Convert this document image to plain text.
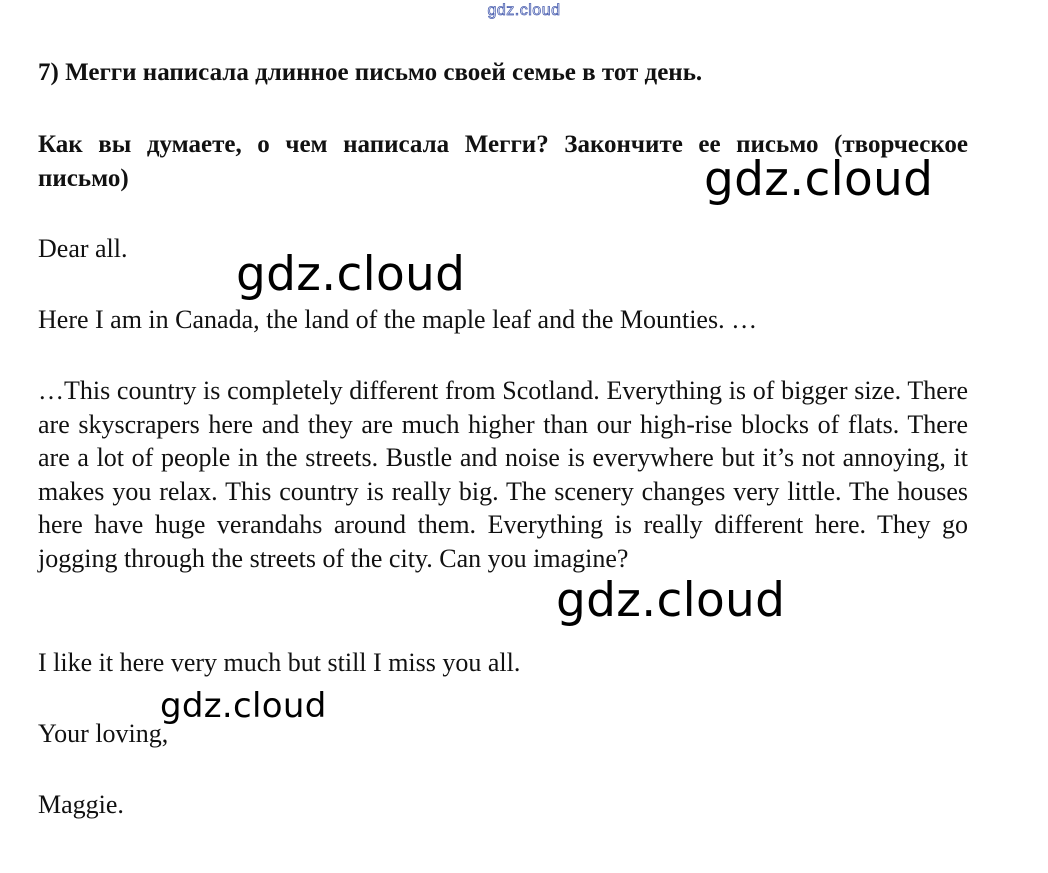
gdz.cloud

7) Мегги написала длинное письмо своей семье в тот день.

Как вы думаете, о чем написала Мегги? Закончите ее письмо (творческое письмо)

Dear all.

Here I am in Canada, the land of the maple leaf and the Mounties. …

…This country is completely different from Scotland. Everything is of bigger size. There are skyscrapers here and they are much higher than our high-rise blocks of flats. There are a lot of people in the streets. Bustle and noise is everywhere but it’s not annoying, it makes you relax. This country is really big. The scenery changes very little. The houses here have huge verandahs around them. Everything is really different here. They go jogging through the streets of the city. Can you imagine?

I like it here very much but still I miss you all.

Your loving,

Maggie.

gdz.cloud
gdz.cloud
gdz.cloud
gdz.cloud
